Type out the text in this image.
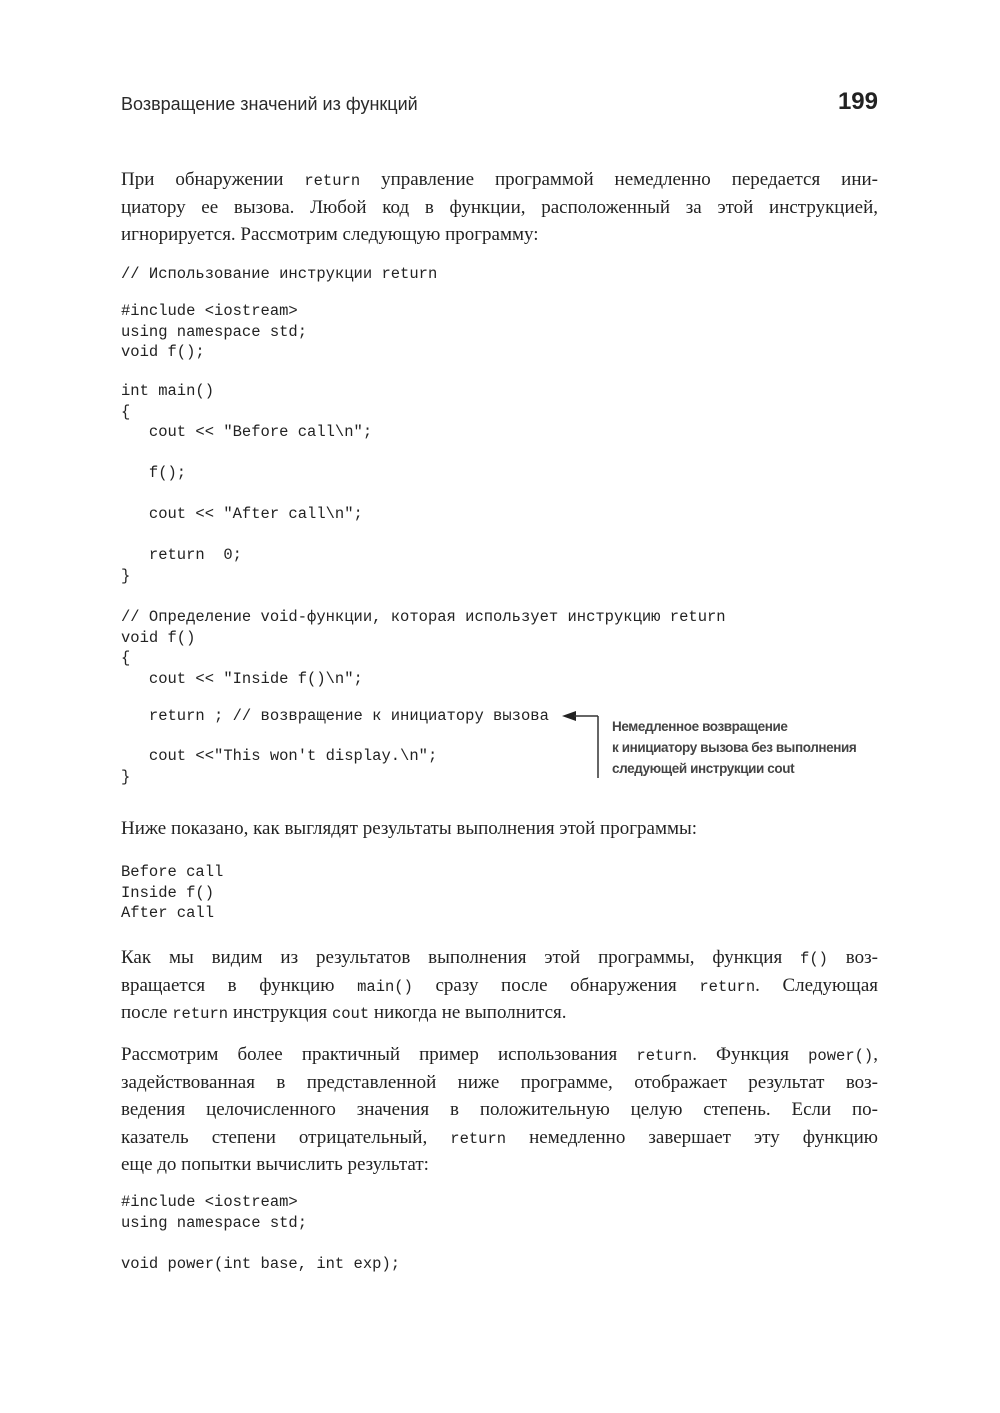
Возвращение значений из функций	199
При обнаружении return управление программой немедленно передается ини-
циатору ее вызова. Любой код в функции, расположенный за этой инструкцией,
игнорируется. Рассмотрим следующую программу:
Ниже показано, как выглядят результаты выполнения этой программы:
Как мы видим из результатов выполнения этой программы, функция f() воз-
вращается в функцию main() сразу после обнаружения return. Следующая
после return инструкция cout никогда не выполнится.
Рассмотрим более практичный пример использования return. Функция power(),
задействованная в представленной ниже программе, отображает результат воз-
ведения целочисленного значения в положительную целую степень. Если по-
казатель степени отрицательный, return немедленно завершает эту функцию
еще до попытки вычислить результат:
// Использование инструкции return
#include <iostream>
using namespace std;
void f();
int main()
{
cout << "Before call\n";
f();
cout << "After call\n";
return  0;
}
// Определение void-функции, которая использует инструкцию return
void f()
{
cout << "Inside f()\n";
return ; // возвращение к инициатору вызова
cout <<"This won't display.\n";
}
Before call
Inside f()
After call
#include <iostream>
using namespace std;
void power(int base, int exp);
Немедленное возвращение
к инициатору вызова без выполнения
следующей инструкции cout
